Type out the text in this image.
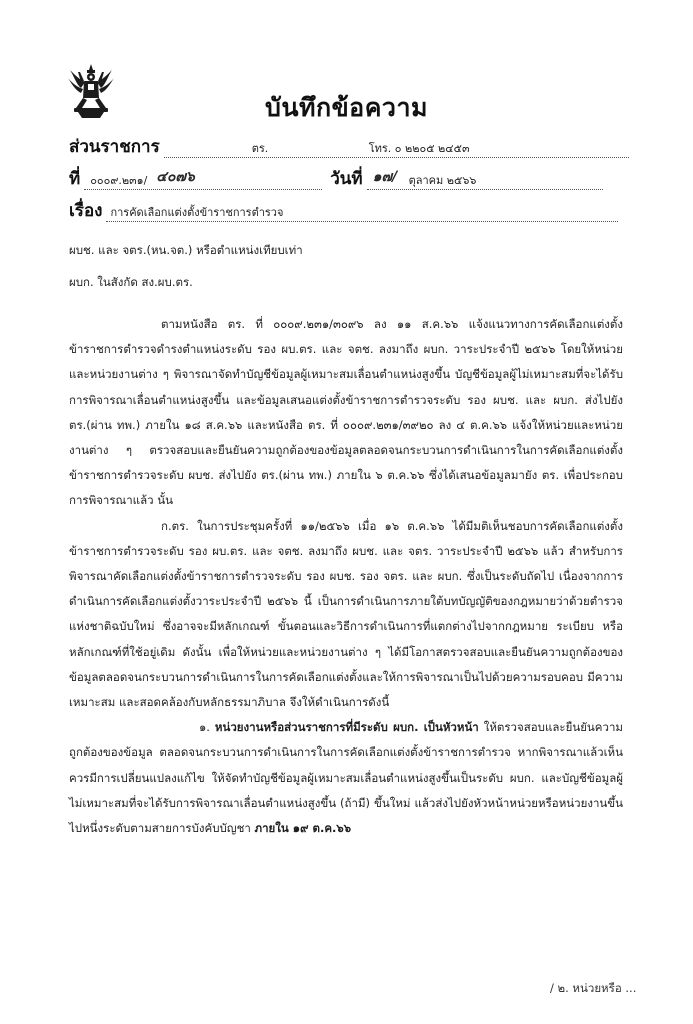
บันทึกข้อความ
ส่วนราชการ	ตร.	โทร. ๐ ๒๒๐๕ ๒๔๕๓
ที่ ๐๐๐๙.๒๓๑/ ๔๐๗๖	วันที่ ๑๗/ ตุลาคม ๒๕๖๖
เรื่อง การคัดเลือกแต่งตั้งข้าราชการตำรวจ
ผบช. และ จตร.(หน.จต.) หรือตำแหน่งเทียบเท่า
ผบก. ในสังกัด สง.ผบ.ตร.

ตามหนังสือ ตร. ที่ ๐๐๐๙.๒๓๑/๓๐๙๖ ลง ๑๑ ส.ค.๖๖ แจ้งแนวทางการคัดเลือกแต่งตั้งข้าราชการตำรวจดำรงตำแหน่งระดับ รอง ผบ.ตร. และ จตช. ลงมาถึง ผบก. วาระประจำปี ๒๕๖๖ โดยให้หน่วยและหน่วยงานต่าง ๆ พิจารณาจัดทำบัญชีข้อมูลผู้เหมาะสมเลื่อนตำแหน่งสูงขึ้น บัญชีข้อมูลผู้ไม่เหมาะสมที่จะได้รับการพิจารณาเลื่อนตำแหน่งสูงขึ้น และข้อมูลเสนอแต่งตั้งข้าราชการตำรวจระดับ รอง ผบช. และ ผบก. ส่งไปยัง ตร.(ผ่าน ทพ.) ภายใน ๑๘ ส.ค.๖๖ และหนังสือ ตร. ที่ ๐๐๐๙.๒๓๑/๓๙๒๐ ลง ๔ ต.ค.๖๖ แจ้งให้หน่วยและหน่วยงานต่าง ๆ ตรวจสอบและยืนยันความถูกต้องของข้อมูลตลอดจนกระบวนการดำเนินการในการคัดเลือกแต่งตั้งข้าราชการตำรวจระดับ ผบช. ส่งไปยัง ตร.(ผ่าน ทพ.) ภายใน ๖ ต.ค.๖๖ ซึ่งได้เสนอข้อมูลมายัง ตร. เพื่อประกอบการพิจารณาแล้ว นั้น

ก.ตร. ในการประชุมครั้งที่ ๑๑/๒๕๖๖ เมื่อ ๑๖ ต.ค.๖๖ ได้มีมติเห็นชอบการคัดเลือกแต่งตั้งข้าราชการตำรวจระดับ รอง ผบ.ตร. และ จตช. ลงมาถึง ผบช. และ จตร. วาระประจำปี ๒๕๖๖ แล้ว สำหรับการพิจารณาคัดเลือกแต่งตั้งข้าราชการตำรวจระดับ รอง ผบช. รอง จตร. และ ผบก. ซึ่งเป็นระดับถัดไป เนื่องจากการดำเนินการคัดเลือกแต่งตั้งวาระประจำปี ๒๕๖๖ นี้ เป็นการดำเนินการภายใต้บทบัญญัติของกฎหมายว่าด้วยตำรวจแห่งชาติฉบับใหม่ ซึ่งอาจจะมีหลักเกณฑ์ ขั้นตอนและวิธีการดำเนินการที่แตกต่างไปจากกฎหมาย ระเบียบ หรือหลักเกณฑ์ที่ใช้อยู่เดิม ดังนั้น เพื่อให้หน่วยและหน่วยงานต่าง ๆ ได้มีโอกาสตรวจสอบและยืนยันความถูกต้องของข้อมูลตลอดจนกระบวนการดำเนินการในการคัดเลือกแต่งตั้งและให้การพิจารณาเป็นไปด้วยความรอบคอบ มีความเหมาะสม และสอดคล้องกับหลักธรรมาภิบาล จึงให้ดำเนินการดังนี้

๑. หน่วยงานหรือส่วนราชการที่มีระดับ ผบก. เป็นหัวหน้า ให้ตรวจสอบและยืนยันความถูกต้องของข้อมูล ตลอดจนกระบวนการดำเนินการในการคัดเลือกแต่งตั้งข้าราชการตำรวจ หากพิจารณาแล้วเห็นควรมีการเปลี่ยนแปลงแก้ไข ให้จัดทำบัญชีข้อมูลผู้เหมาะสมเลื่อนตำแหน่งสูงขึ้นเป็นระดับ ผบก. และบัญชีข้อมูลผู้ไม่เหมาะสมที่จะได้รับการพิจารณาเลื่อนตำแหน่งสูงขึ้น (ถ้ามี) ขึ้นใหม่ แล้วส่งไปยังหัวหน้าหน่วยหรือหน่วยงานขึ้นไปหนึ่งระดับตามสายการบังคับบัญชา ภายใน ๑๙ ต.ค.๖๖

/ ๒. หน่วยหรือ ...
